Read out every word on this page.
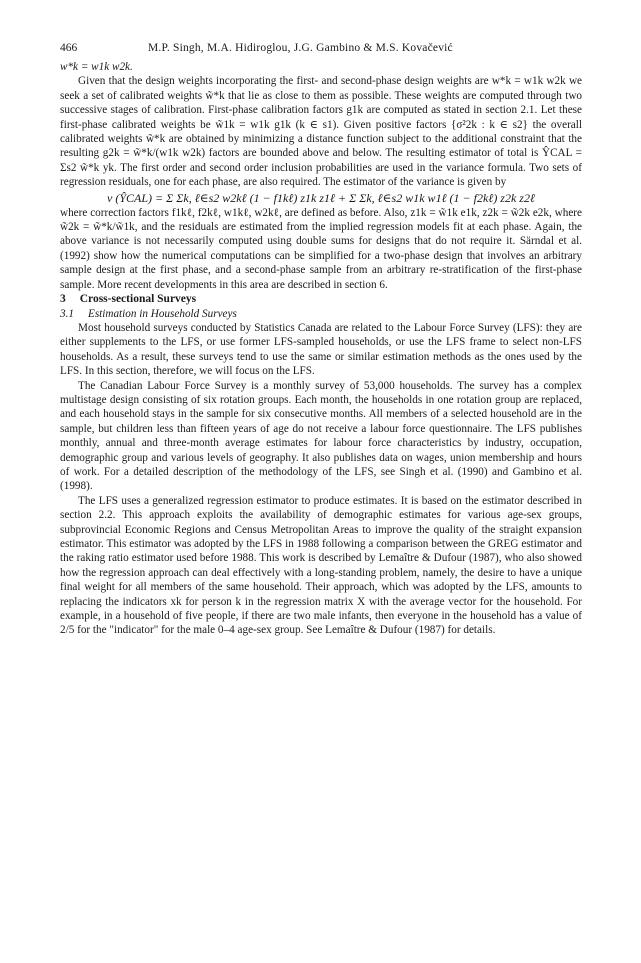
466	M.P. Singh, M.A. Hidiroglou, J.G. Gambino & M.S. Kovačević

w*k = w1k w2k.

Given that the design weights incorporating the first- and second-phase design weights are w*k = w1k w2k we seek a set of calibrated weights w̃*k that lie as close to them as possible. These weights are computed through two successive stages of calibration. First-phase calibration factors g1k are computed as stated in section 2.1. Let these first-phase calibrated weights be w̃1k = w1k g1k (k ∈ s1). Given positive factors {σ²2k : k ∈ s2} the overall calibrated weights w̃*k are obtained by minimizing a distance function subject to the additional constraint that the resulting g2k = w̃*k/(w1k w2k) factors are bounded above and below. The resulting estimator of total is ŶCAL = Σs2 w̃*k yk. The first order and second order inclusion probabilities are used in the variance formula. Two sets of regression residuals, one for each phase, are also required. The estimator of the variance is given by

v (ŶCAL) = Σ Σk, ℓ∈s2 w2kℓ (1 − f1kℓ) z1k z1ℓ + Σ Σk, ℓ∈s2 w1k w1ℓ (1 − f2kℓ) z2k z2ℓ

where correction factors f1kℓ, f2kℓ, w1kℓ, w2kℓ, are defined as before. Also, z1k = w̃1k e1k, z2k = w̃2k e2k, where w̃2k = w̃*k/w̃1k, and the residuals are estimated from the implied regression models fit at each phase. Again, the above variance is not necessarily computed using double sums for designs that do not require it. Särndal et al. (1992) show how the numerical computations can be simplified for a two-phase design that involves an arbitrary sample design at the first phase, and a second-phase sample from an arbitrary re-stratification of the first-phase sample. More recent developments in this area are described in section 6.

3 Cross-sectional Surveys

3.1 Estimation in Household Surveys

Most household surveys conducted by Statistics Canada are related to the Labour Force Survey (LFS): they are either supplements to the LFS, or use former LFS-sampled households, or use the LFS frame to select non-LFS households. As a result, these surveys tend to use the same or similar estimation methods as the ones used by the LFS. In this section, therefore, we will focus on the LFS.

The Canadian Labour Force Survey is a monthly survey of 53,000 households. The survey has a complex multistage design consisting of six rotation groups. Each month, the households in one rotation group are replaced, and each household stays in the sample for six consecutive months. All members of a selected household are in the sample, but children less than fifteen years of age do not receive a labour force questionnaire. The LFS publishes monthly, annual and three-month average estimates for labour force characteristics by industry, occupation, demographic group and various levels of geography. It also publishes data on wages, union membership and hours of work. For a detailed description of the methodology of the LFS, see Singh et al. (1990) and Gambino et al. (1998).

The LFS uses a generalized regression estimator to produce estimates. It is based on the estimator described in section 2.2. This approach exploits the availability of demographic estimates for various age-sex groups, subprovincial Economic Regions and Census Metropolitan Areas to improve the quality of the straight expansion estimator. This estimator was adopted by the LFS in 1988 following a comparison between the GREG estimator and the raking ratio estimator used before 1988. This work is described by Lemaître & Dufour (1987), who also showed how the regression approach can deal effectively with a long-standing problem, namely, the desire to have a unique final weight for all members of the same household. Their approach, which was adopted by the LFS, amounts to replacing the indicators xk for person k in the regression matrix X with the average vector for the household. For example, in a household of five people, if there are two male infants, then everyone in the household has a value of 2/5 for the "indicator" for the male 0–4 age-sex group. See Lemaître & Dufour (1987) for details.
